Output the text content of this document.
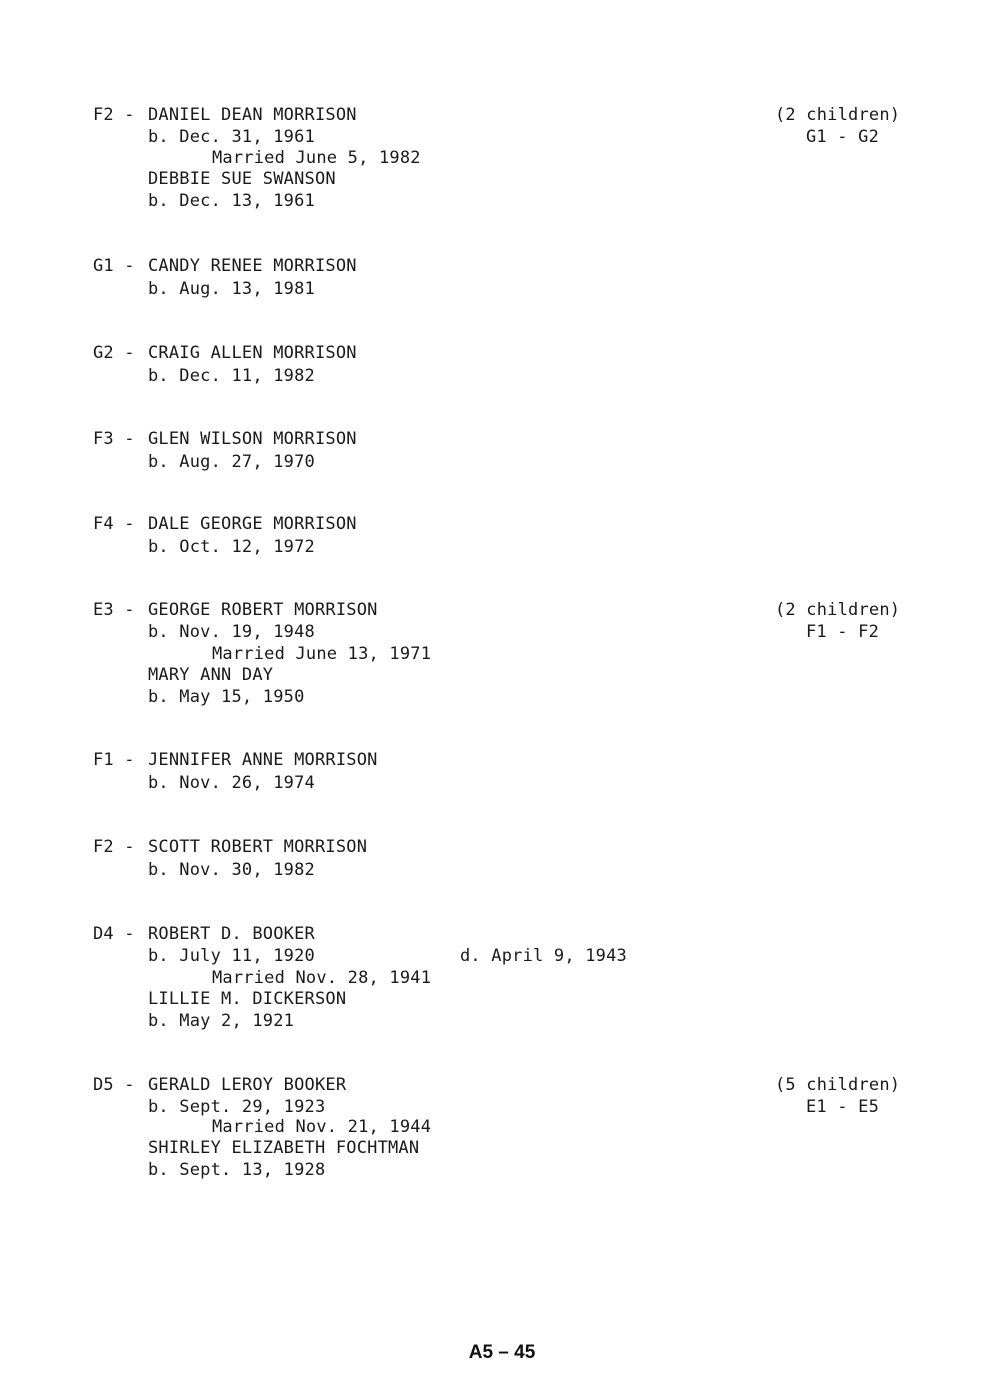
F2 - DANIEL DEAN MORRISON
b. Dec. 31, 1961
Married June 5, 1982
DEBBIE SUE SWANSON
b. Dec. 13, 1961
(2 children)
G1 - G2
G1 - CANDY RENEE MORRISON
b. Aug. 13, 1981
G2 - CRAIG ALLEN MORRISON
b. Dec. 11, 1982
F3 - GLEN WILSON MORRISON
b. Aug. 27, 1970
F4 - DALE GEORGE MORRISON
b. Oct. 12, 1972
E3 - GEORGE ROBERT MORRISON
b. Nov. 19, 1948
Married June 13, 1971
MARY ANN DAY
b. May 15, 1950
(2 children)
F1 - F2
F1 - JENNIFER ANNE MORRISON
b. Nov. 26, 1974
F2 - SCOTT ROBERT MORRISON
b. Nov. 30, 1982
D4 - ROBERT D. BOOKER
b. July 11, 1920	d. April 9, 1943
Married Nov. 28, 1941
LILLIE M. DICKERSON
b. May 2, 1921
D5 - GERALD LEROY BOOKER
b. Sept. 29, 1923
Married Nov. 21, 1944
SHIRLEY ELIZABETH FOCHTMAN
b. Sept. 13, 1928
(5 children)
E1 - E5
A5 – 45
